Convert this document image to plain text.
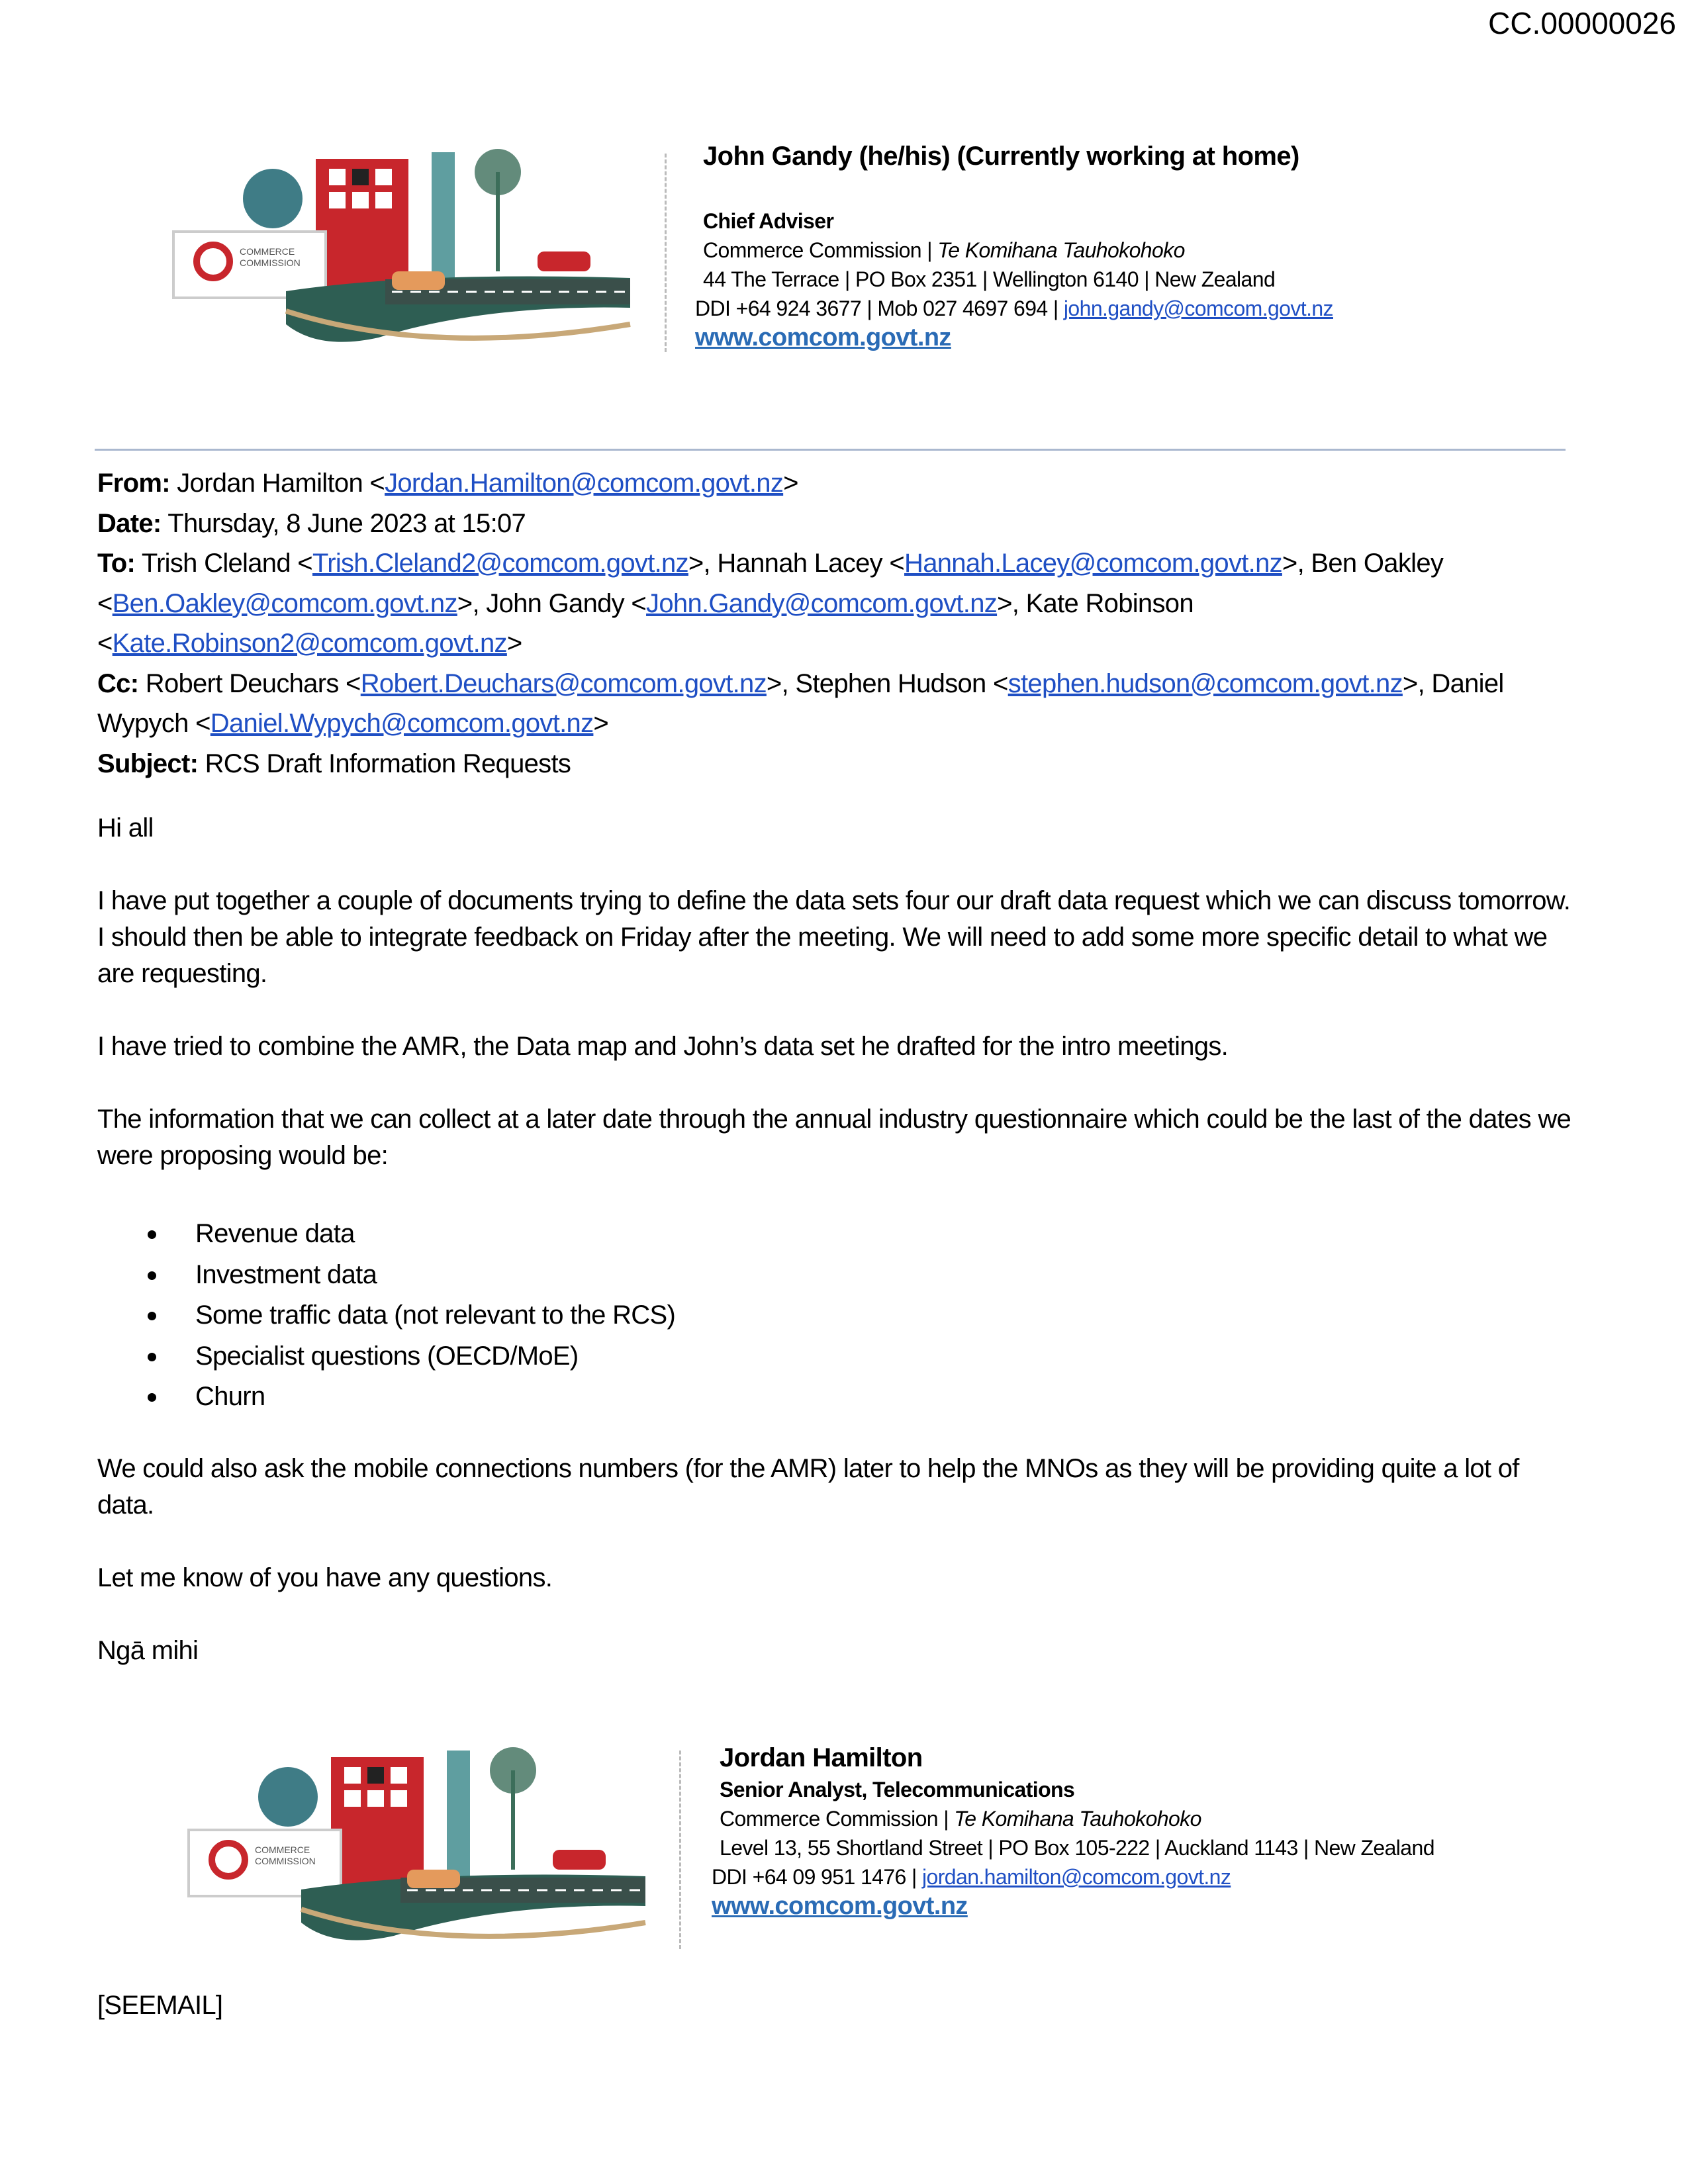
CC.00000026
COMMERCE
COMMISSION
John Gandy (he/his) (Currently working at home)
Chief Adviser
Commerce Commission | Te Komihana Tauhokohoko
44 The Terrace | PO Box 2351 | Wellington 6140 | New Zealand
DDI +64 924 3677 | Mob 027 4697 694 | john.gandy@comcom.govt.nz
www.comcom.govt.nz
From: Jordan Hamilton <Jordan.Hamilton@comcom.govt.nz>
Date: Thursday, 8 June 2023 at 15:07
To: Trish Cleland <Trish.Cleland2@comcom.govt.nz>, Hannah Lacey <Hannah.Lacey@comcom.govt.nz>, Ben Oakley <Ben.Oakley@comcom.govt.nz>, John Gandy <John.Gandy@comcom.govt.nz>, Kate Robinson <Kate.Robinson2@comcom.govt.nz>
Cc: Robert Deuchars <Robert.Deuchars@comcom.govt.nz>, Stephen Hudson <stephen.hudson@comcom.govt.nz>, Daniel Wypych <Daniel.Wypych@comcom.govt.nz>
Subject: RCS Draft Information Requests

Hi all

I have put together a couple of documents trying to define the data sets four our draft data request which we can discuss tomorrow. I should then be able to integrate feedback on Friday after the meeting. We will need to add some more specific detail to what we are requesting.

I have tried to combine the AMR, the Data map and John’s data set he drafted for the intro meetings.

The information that we can collect at a later date through the annual industry questionnaire which could be the last of the dates we were proposing would be:

Revenue data
Investment data
Some traffic data (not relevant to the RCS)
Specialist questions (OECD/MoE)
Churn

We could also ask the mobile connections numbers (for the AMR) later to help the MNOs as they will be providing quite a lot of data.

Let me know of you have any questions.

Ngā mihi

COMMERCE
COMMISSION
Jordan Hamilton
Senior Analyst, Telecommunications
Commerce Commission | Te Komihana Tauhokohoko
Level 13, 55 Shortland Street | PO Box 105-222 | Auckland 1143 | New Zealand
DDI +64 09 951 1476 | jordan.hamilton@comcom.govt.nz
www.comcom.govt.nz
[SEEMAIL]
